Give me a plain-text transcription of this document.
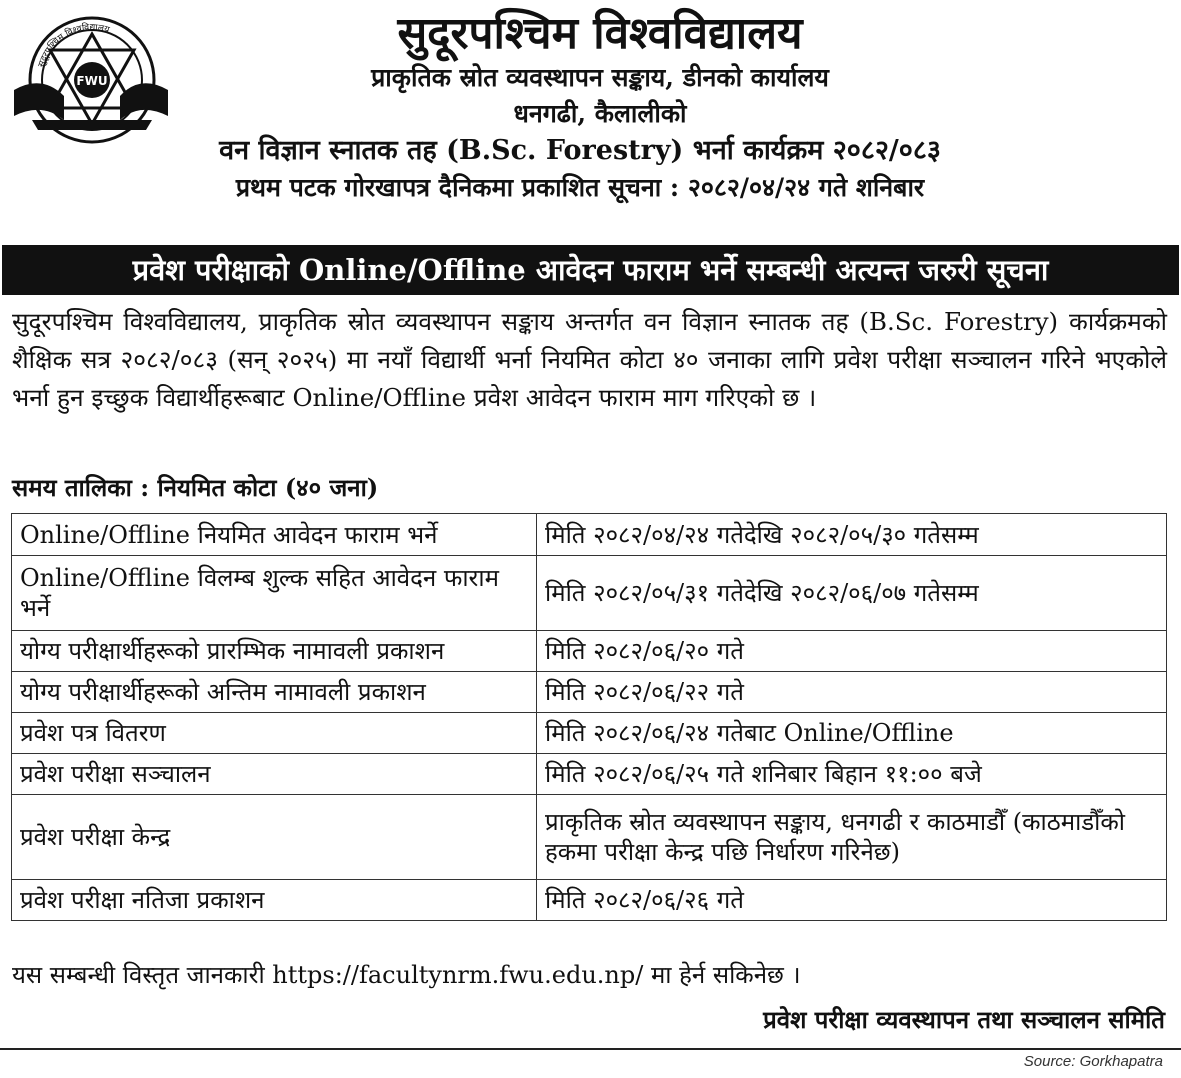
सुदूरपश्चिम विश्वविद्यालय
FWU

सुदूरपश्चिम विश्वविद्यालय

प्राकृतिक स्रोत व्यवस्थापन सङ्काय, डीनको कार्यालय

धनगढी, कैलालीको

वन विज्ञान स्नातक तह (B.Sc. Forestry) भर्ना कार्यक्रम २०८२/०८३

प्रथम पटक गोरखापत्र दैनिकमा प्रकाशित सूचना : २०८२/०४/२४ गते शनिबार

प्रवेश परीक्षाको Online/Offline आवेदन फाराम भर्ने सम्बन्धी अत्यन्त जरुरी सूचना
सुदूरपश्चिम विश्वविद्यालय, प्राकृतिक स्रोत व्यवस्थापन सङ्काय अन्तर्गत वन विज्ञान स्नातक तह (B.Sc. Forestry) कार्यक्रमको शैक्षिक सत्र २०८२/०८३ (सन् २०२५) मा नयाँ विद्यार्थी भर्ना नियमित कोटा ४० जनाका लागि प्रवेश परीक्षा सञ्चालन गरिने भएकोले भर्ना हुन इच्छुक विद्यार्थीहरूबाट Online/Offline प्रवेश आवेदन फाराम माग गरिएको छ ।
समय तालिका : नियमित कोटा (४० जना)
Online/Offline नियमित आवेदन फाराम भर्ने	मिति २०८२/०४/२४ गतेदेखि २०८२/०५/३० गतेसम्म
Online/Offline विलम्ब शुल्क सहित आवेदन फाराम भर्ने	मिति २०८२/०५/३१ गतेदेखि २०८२/०६/०७ गतेसम्म
योग्य परीक्षार्थीहरूको प्रारम्भिक नामावली प्रकाशन	मिति २०८२/०६/२० गते
योग्य परीक्षार्थीहरूको अन्तिम नामावली प्रकाशन	मिति २०८२/०६/२२ गते
प्रवेश पत्र वितरण	मिति २०८२/०६/२४ गतेबाट Online/Offline
प्रवेश परीक्षा सञ्चालन	मिति २०८२/०६/२५ गते शनिबार बिहान ११:०० बजे
प्रवेश परीक्षा केन्द्र	प्राकृतिक स्रोत व्यवस्थापन सङ्काय, धनगढी र काठमाडौँ (काठमाडौँको हकमा परीक्षा केन्द्र पछि निर्धारण गरिनेछ)
प्रवेश परीक्षा नतिजा प्रकाशन	मिति २०८२/०६/२६ गते
यस सम्बन्धी विस्तृत जानकारी https://facultynrm.fwu.edu.np/ मा हेर्न सकिनेछ ।
प्रवेश परीक्षा व्यवस्थापन तथा सञ्चालन समिति
Source: Gorkhapatra
